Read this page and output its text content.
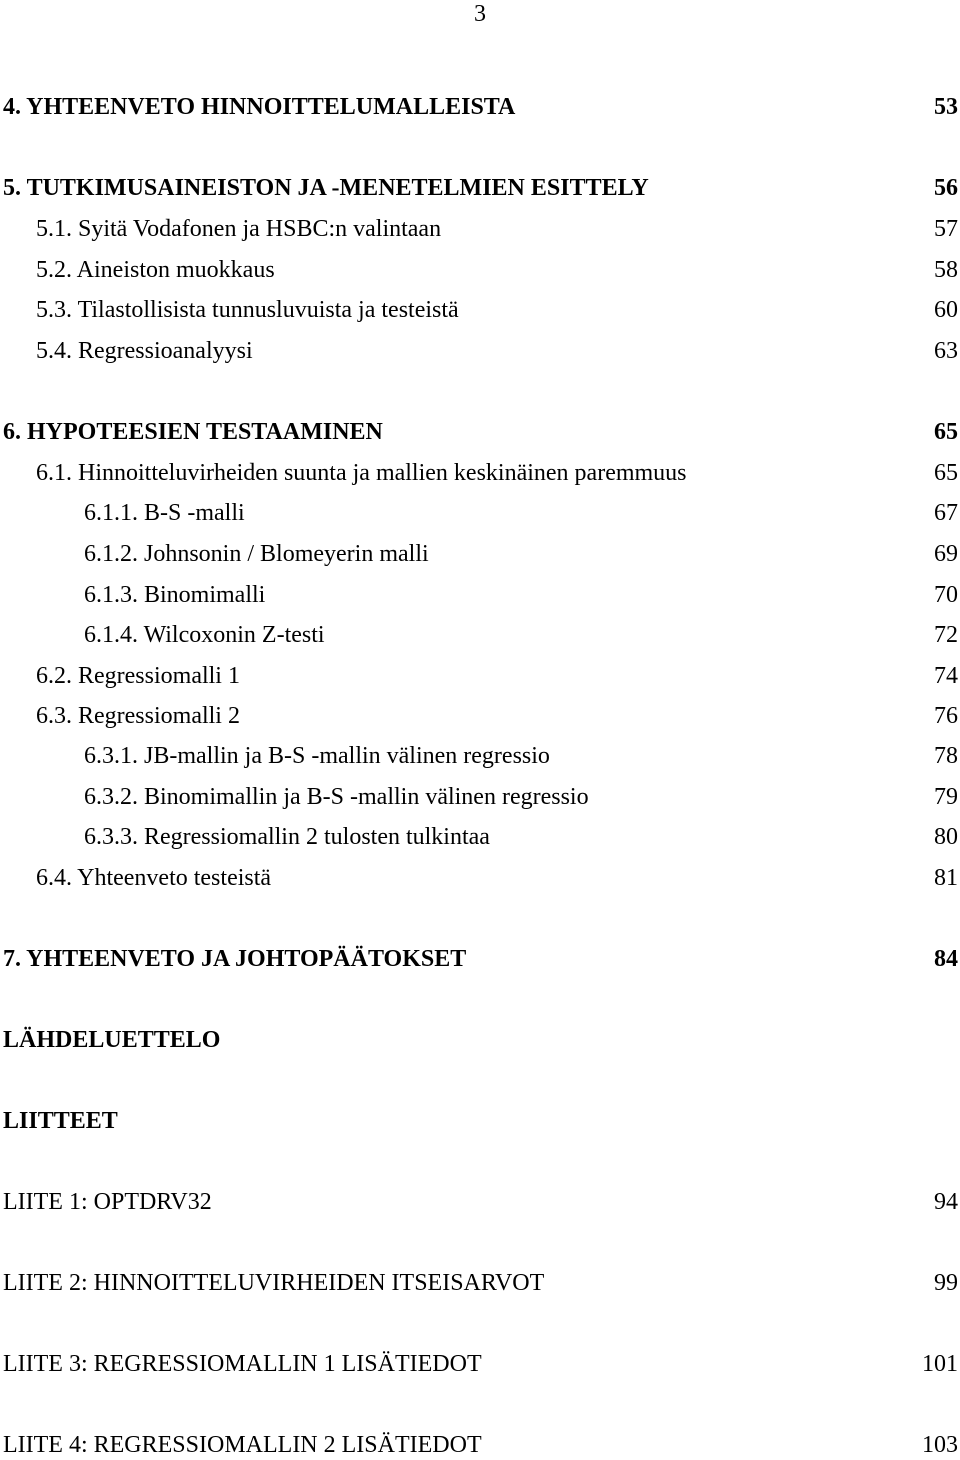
3
4. YHTEENVETO HINNOITTELUMALLEISTA	53
5. TUTKIMUSAINEISTON JA -MENETELMIEN ESITTELY	56
5.1. Syitä Vodafonen ja HSBC:n valintaan	57
5.2. Aineiston muokkaus	58
5.3. Tilastollisista tunnusluvuista ja testeistä	60
5.4. Regressioanalyysi	63
6. HYPOTEESIEN TESTAAMINEN	65
6.1. Hinnoitteluvirheiden suunta ja mallien keskinäinen paremmuus	65
6.1.1. B-S -malli	67
6.1.2. Johnsonin / Blomeyerin malli	69
6.1.3. Binomimalli	70
6.1.4. Wilcoxonin Z-testi	72
6.2. Regressiomalli 1	74
6.3. Regressiomalli 2	76
6.3.1. JB-mallin ja B-S -mallin välinen regressio	78
6.3.2. Binomimallin ja B-S -mallin välinen regressio	79
6.3.3. Regressiomallin 2 tulosten tulkintaa	80
6.4. Yhteenveto testeistä	81
7. YHTEENVETO JA JOHTOPÄÄTOKSET	84
LÄHDELUETTELO
LIITTEET
LIITE 1: OPTDRV32	94
LIITE 2: HINNOITTELUVIRHEIDEN ITSEISARVOT	99
LIITE 3: REGRESSIOMALLIN 1 LISÄTIEDOT	101
LIITE 4: REGRESSIOMALLIN 2 LISÄTIEDOT	103
